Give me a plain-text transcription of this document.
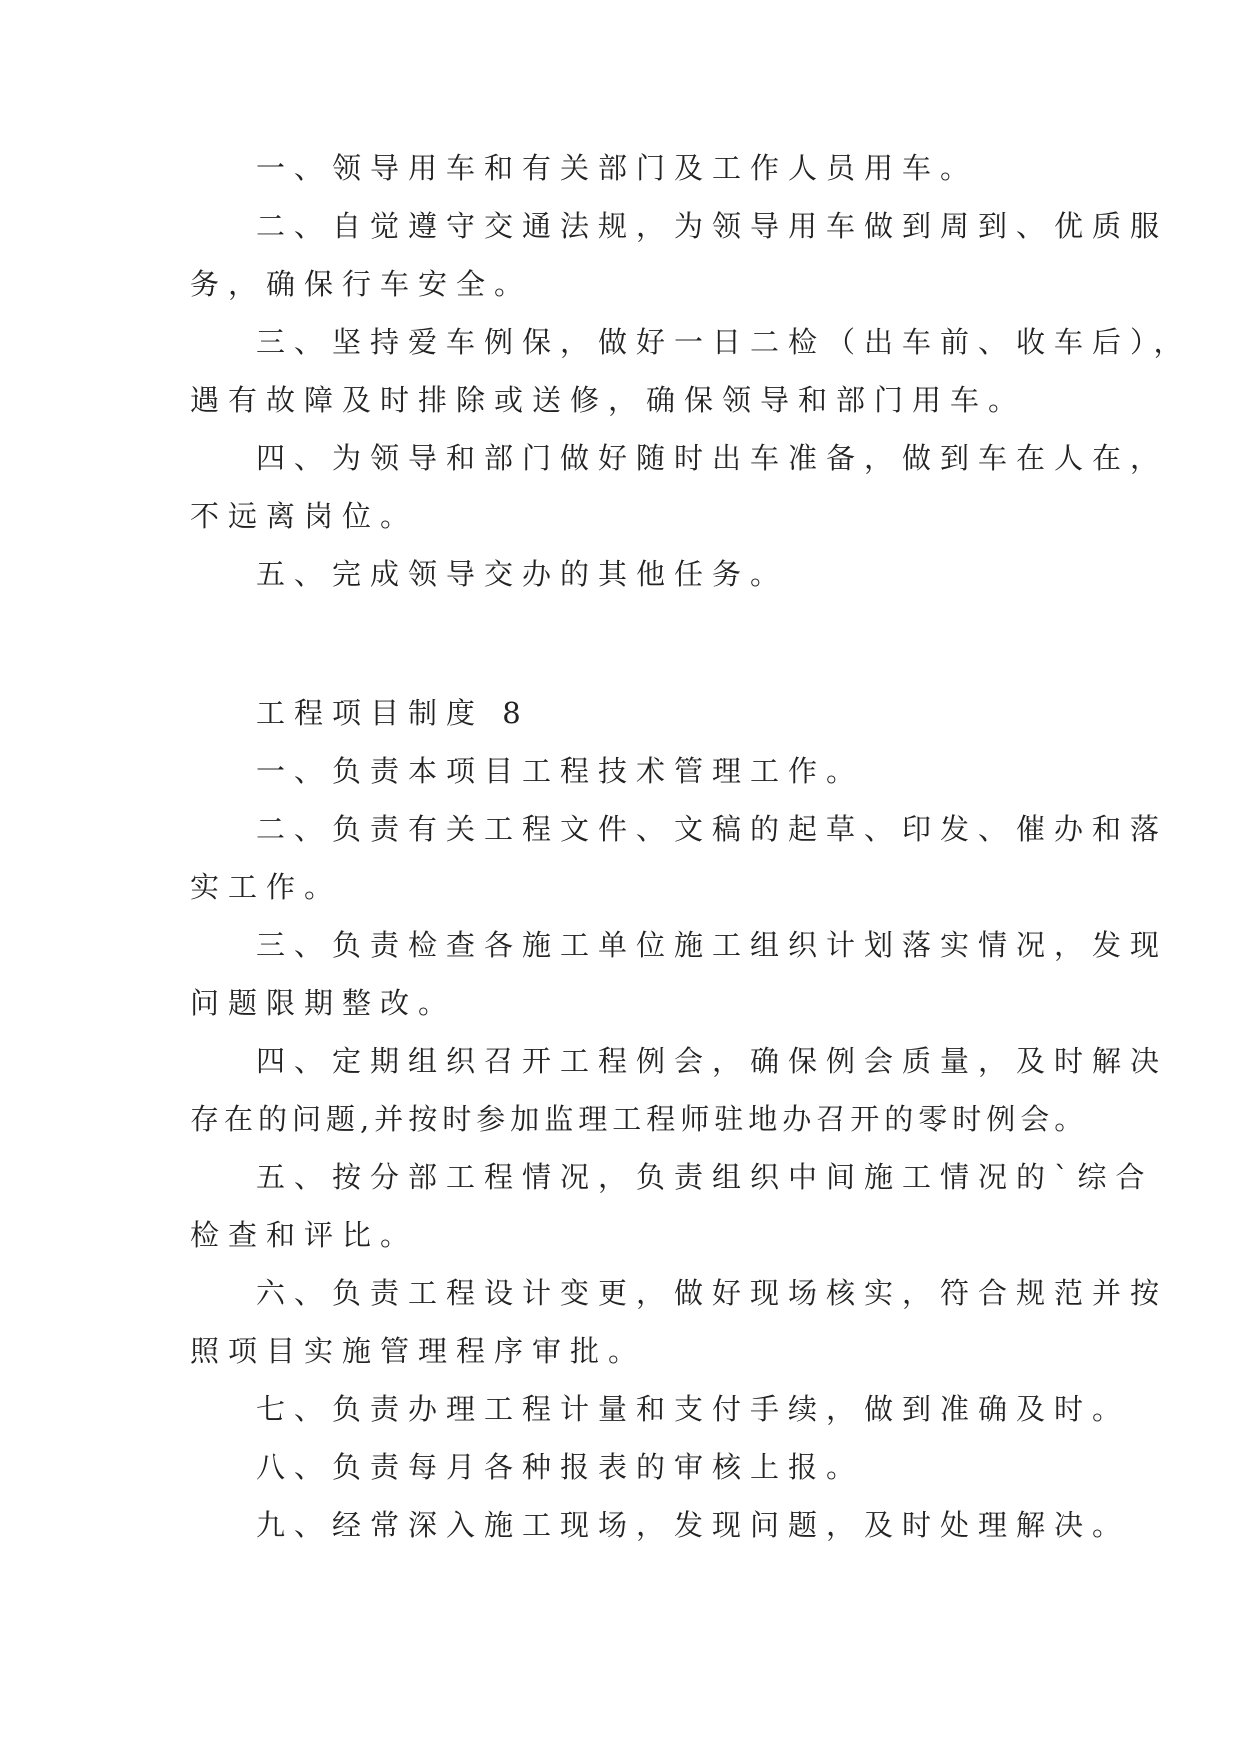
一、领导用车和有关部门及工作人员用车。

二、自觉遵守交通法规，为领导用车做到周到、优质服

务，确保行车安全。

三、坚持爱车例保，做好一日二检（出车前、收车后），

遇有故障及时排除或送修，确保领导和部门用车。

四、为领导和部门做好随时出车准备，做到车在人在，

不远离岗位。

五、完成领导交办的其他任务。

工程项目制度 8

一、负责本项目工程技术管理工作。

二、负责有关工程文件、文稿的起草、印发、催办和落

实工作。

三、负责检查各施工单位施工组织计划落实情况，发现

问题限期整改。

四、定期组织召开工程例会，确保例会质量，及时解决

存在的问题,并按时参加监理工程师驻地办召开的零时例会。

五、按分部工程情况，负责组织中间施工情况的`综合

检查和评比。

六、负责工程设计变更，做好现场核实，符合规范并按

照项目实施管理程序审批。

七、负责办理工程计量和支付手续，做到准确及时。

八、负责每月各种报表的审核上报。

九、经常深入施工现场，发现问题，及时处理解决。
